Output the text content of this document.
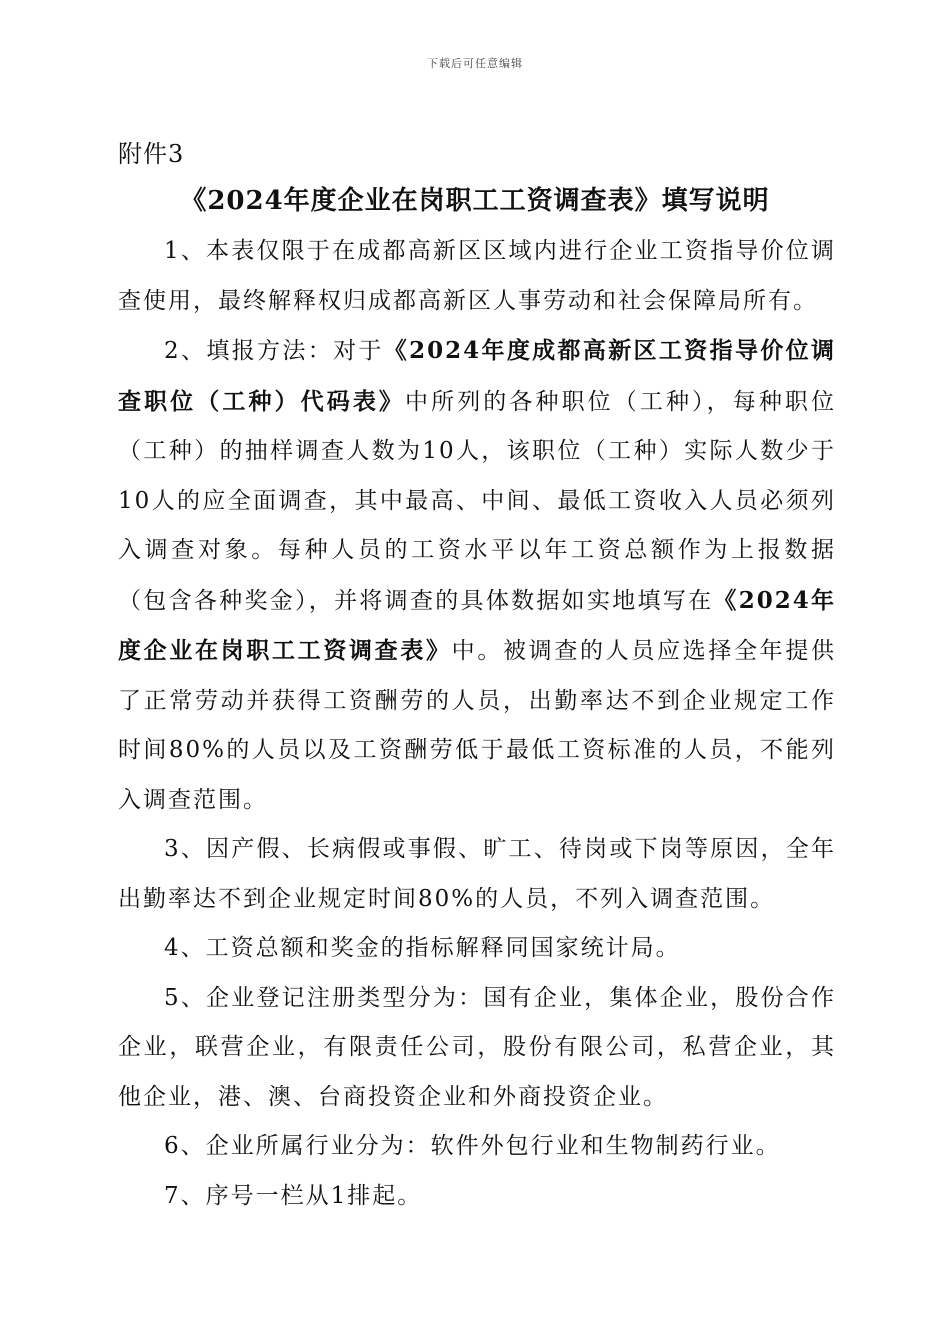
下载后可任意编辑
附件3
《2024年度企业在岗职工工资调查表》填写说明

1、本表仅限于在成都高新区区域内进行企业工资指导价位调查使用，最终解释权归成都高新区人事劳动和社会保障局所有。

2、填报方法：对于《2024年度成都高新区工资指导价位调查职位（工种）代码表》中所列的各种职位（工种），每种职位（工种）的抽样调查人数为10人，该职位（工种）实际人数少于10人的应全面调查，其中最高、中间、最低工资收入人员必须列入调查对象。每种人员的工资水平以年工资总额作为上报数据（包含各种奖金），并将调查的具体数据如实地填写在《2024年度企业在岗职工工资调查表》中。被调查的人员应选择全年提供了正常劳动并获得工资酬劳的人员，出勤率达不到企业规定工作时间80%的人员以及工资酬劳低于最低工资标准的人员，不能列入调查范围。

3、因产假、长病假或事假、旷工、待岗或下岗等原因，全年出勤率达不到企业规定时间80%的人员，不列入调查范围。

4、工资总额和奖金的指标解释同国家统计局。

5、企业登记注册类型分为：国有企业，集体企业，股份合作企业，联营企业，有限责任公司，股份有限公司，私营企业，其他企业，港、澳、台商投资企业和外商投资企业。

6、企业所属行业分为：软件外包行业和生物制药行业。

7、序号一栏从1排起。
